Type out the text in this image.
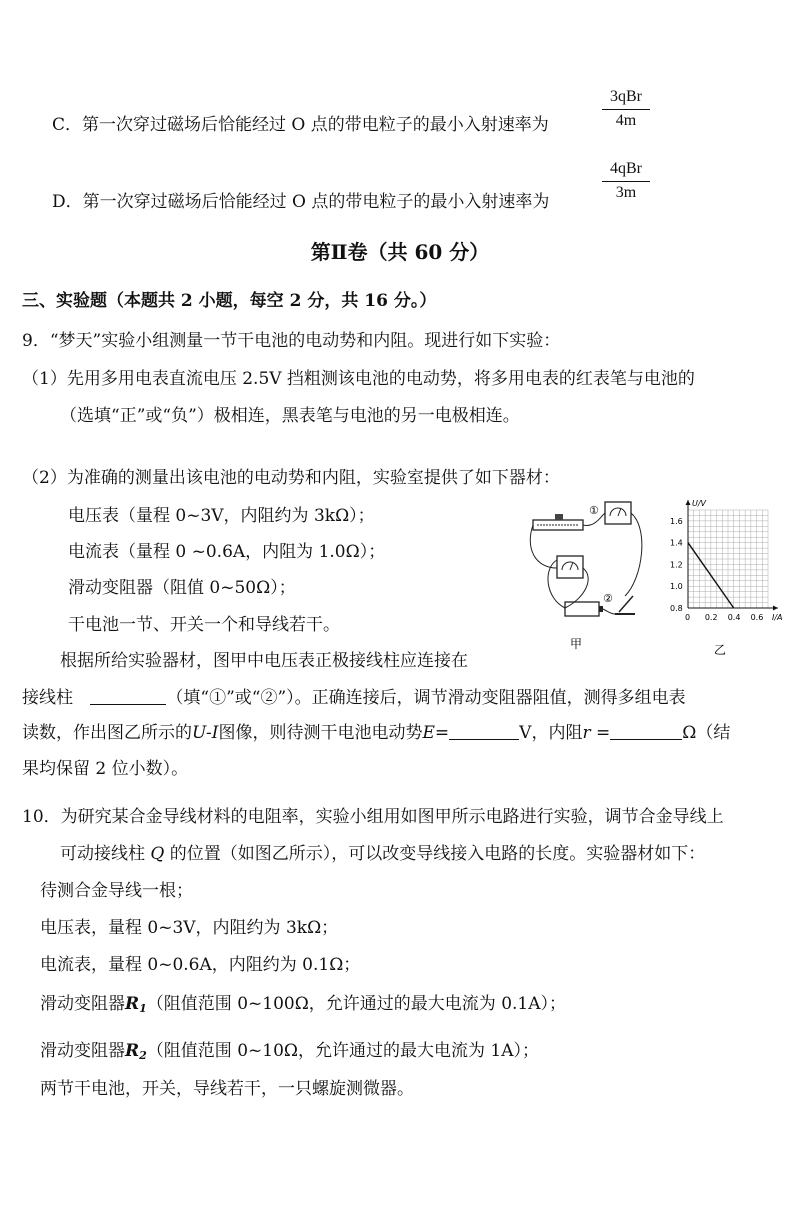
C．第一次穿过磁场后恰能经过 O 点的带电粒子的最小入射速率为
3qBr
4m
D．第一次穿过磁场后恰能经过 O 点的带电粒子的最小入射速率为
4qBr
3m
第Ⅱ卷（共 60 分）
三、实验题（本题共 2 小题，每空 2 分，共 16 分。）
9．“梦天”实验小组测量一节干电池的电动势和内阻。现进行如下实验：
（1）先用多用电表直流电压 2.5V 挡粗测该电池的电动势，将多用电表的红表笔与电池的
（选填“正”或“负”）极相连，黑表笔与电池的另一电极相连。
（2）为准确的测量出该电池的电动势和内阻，实验室提供了如下器材：
电压表（量程 0~3V，内阻约为 3kΩ）；
电流表（量程 0 ~0.6A，内阻为 1.0Ω）；
滑动变阻器（阻值 0~50Ω）；
干电池一节、开关一个和导线若干。
根据所给实验器材，图甲中电压表正极接线柱应连接在
接线柱	（填“①”或“②”）。正确连接后，调节滑动变阻器阻值，测得多组电表
读数，作出图乙所示的U-I图像，则待测干电池电动势E=	V，内阻r =	Ω（结
果均保留 2 位小数）。
①
②
甲
U/V
I/A
0 0.2 0.4 0.6
0.8
1.0
1.2
1.4
1.6
乙
10．为研究某合金导线材料的电阻率，实验小组用如图甲所示电路进行实验，调节合金导线上
可动接线柱 Q 的位置（如图乙所示），可以改变导线接入电路的长度。实验器材如下：
待测合金导线一根；
电压表，量程 0~3V，内阻约为 3kΩ；
电流表，量程 0~0.6A，内阻约为 0.1Ω；
滑动变阻器$R_1$（阻值范围 0~100Ω，允许通过的最大电流为 0.1A）；
滑动变阻器$R_2$（阻值范围 0~10Ω，允许通过的最大电流为 1A）；
两节干电池，开关，导线若干，一只螺旋测微器。
